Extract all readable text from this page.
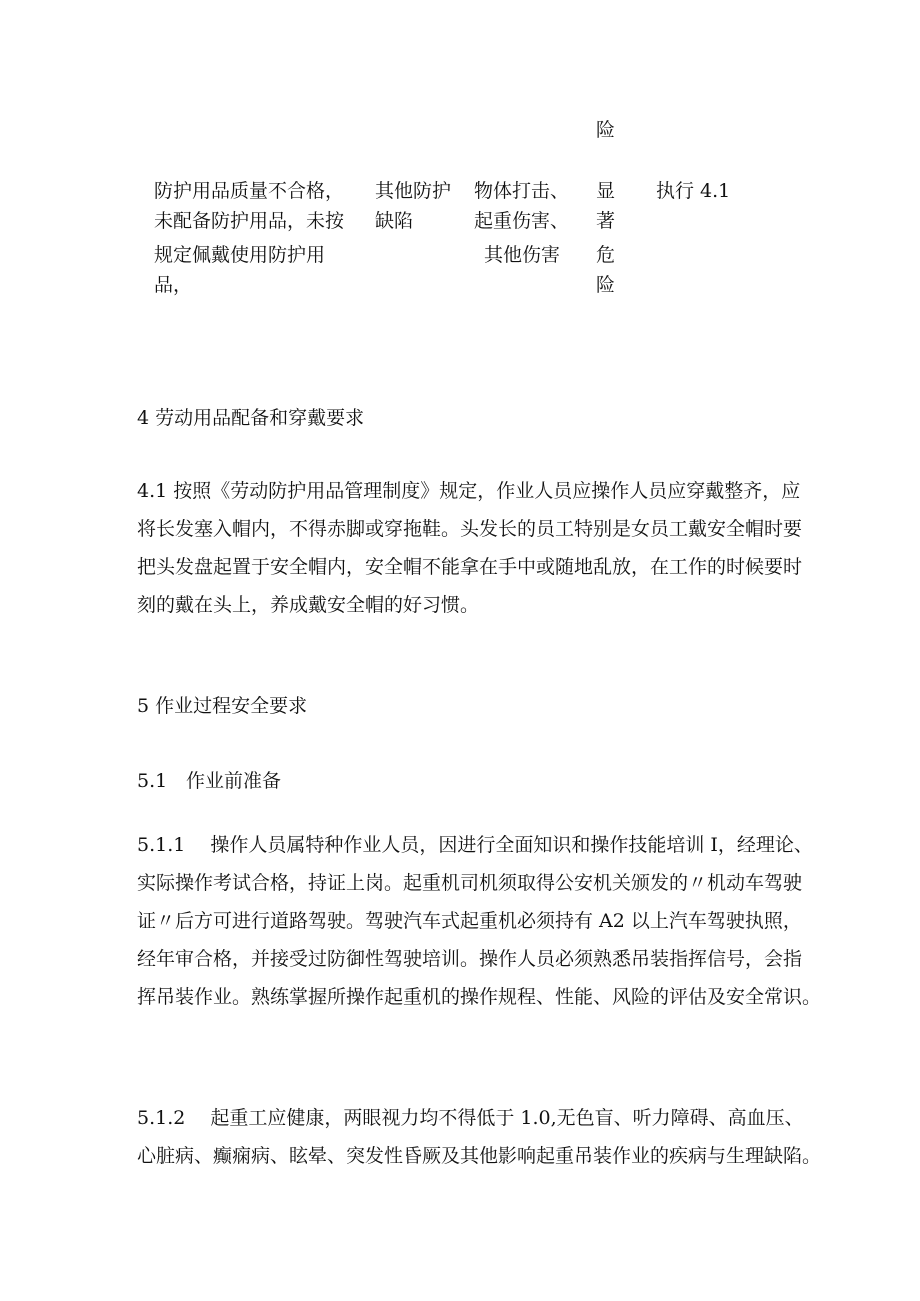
险
防护用品质量不合格，
未配备防护用品，未按
规定佩戴使用防护用
品，
其他防护
缺陷
物体打击、
起重伤害、
其他伤害
显
著
危
险
执行 4.1
4 劳动用品配备和穿戴要求
4.1 按照《劳动防护用品管理制度》规定，作业人员应操作人员应穿戴整齐，应
将长发塞入帽内，不得赤脚或穿拖鞋。头发长的员工特别是女员工戴安全帽时要
把头发盘起置于安全帽内，安全帽不能拿在手中或随地乱放，在工作的时候要时
刻的戴在头上，养成戴安全帽的好习惯。
5 作业过程安全要求
5.1 作业前准备
5.1.1　 操作人员属特种作业人员，因进行全面知识和操作技能培训 I，经理论、
实际操作考试合格，持证上岗。起重机司机须取得公安机关颁发的〃机动车驾驶
证〃后方可进行道路驾驶。驾驶汽车式起重机必须持有 A2 以上汽车驾驶执照，
经年审合格，并接受过防御性驾驶培训。操作人员必须熟悉吊装指挥信号，会指
挥吊装作业。熟练掌握所操作起重机的操作规程、性能、风险的评估及安全常识。
5.1.2　 起重工应健康，两眼视力均不得低于 1.0,无色盲、听力障碍、高血压、
心脏病、癫痫病、眩晕、突发性昏厥及其他影响起重吊装作业的疾病与生理缺陷。
